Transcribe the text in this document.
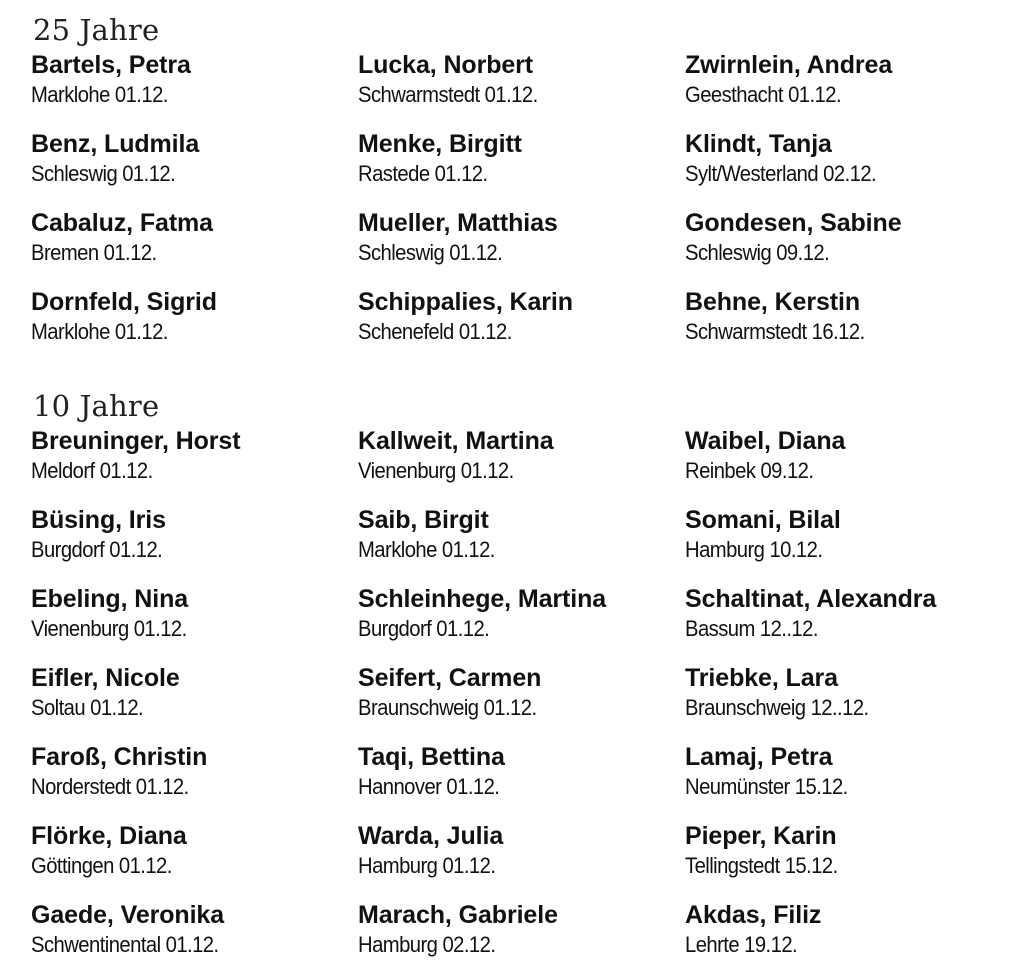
25 Jahre
Bartels, Petra
Marklohe 01.12.
Lucka, Norbert
Schwarmstedt 01.12.
Zwirnlein, Andrea
Geesthacht 01.12.
Benz, Ludmila
Schleswig 01.12.
Menke, Birgitt
Rastede 01.12.
Klindt, Tanja
Sylt/Westerland 02.12.
Cabaluz, Fatma
Bremen 01.12.
Mueller, Matthias
Schleswig 01.12.
Gondesen, Sabine
Schleswig 09.12.
Dornfeld, Sigrid
Marklohe 01.12.
Schippalies, Karin
Schenefeld 01.12.
Behne, Kerstin
Schwarmstedt 16.12.
10 Jahre
Breuninger, Horst
Meldorf 01.12.
Kallweit, Martina
Vienenburg 01.12.
Waibel, Diana
Reinbek 09.12.
Büsing, Iris
Burgdorf 01.12.
Saib, Birgit
Marklohe 01.12.
Somani, Bilal
Hamburg 10.12.
Ebeling, Nina
Vienenburg 01.12.
Schleinhege, Martina
Burgdorf 01.12.
Schaltinat, Alexandra
Bassum 12..12.
Eifler, Nicole
Soltau 01.12.
Seifert, Carmen
Braunschweig 01.12.
Triebke, Lara
Braunschweig 12..12.
Faroß, Christin
Norderstedt 01.12.
Taqi, Bettina
Hannover 01.12.
Lamaj, Petra
Neumünster 15.12.
Flörke, Diana
Göttingen 01.12.
Warda, Julia
Hamburg 01.12.
Pieper, Karin
Tellingstedt 15.12.
Gaede, Veronika
Schwentinental 01.12.
Marach, Gabriele
Hamburg 02.12.
Akdas, Filiz
Lehrte 19.12.
